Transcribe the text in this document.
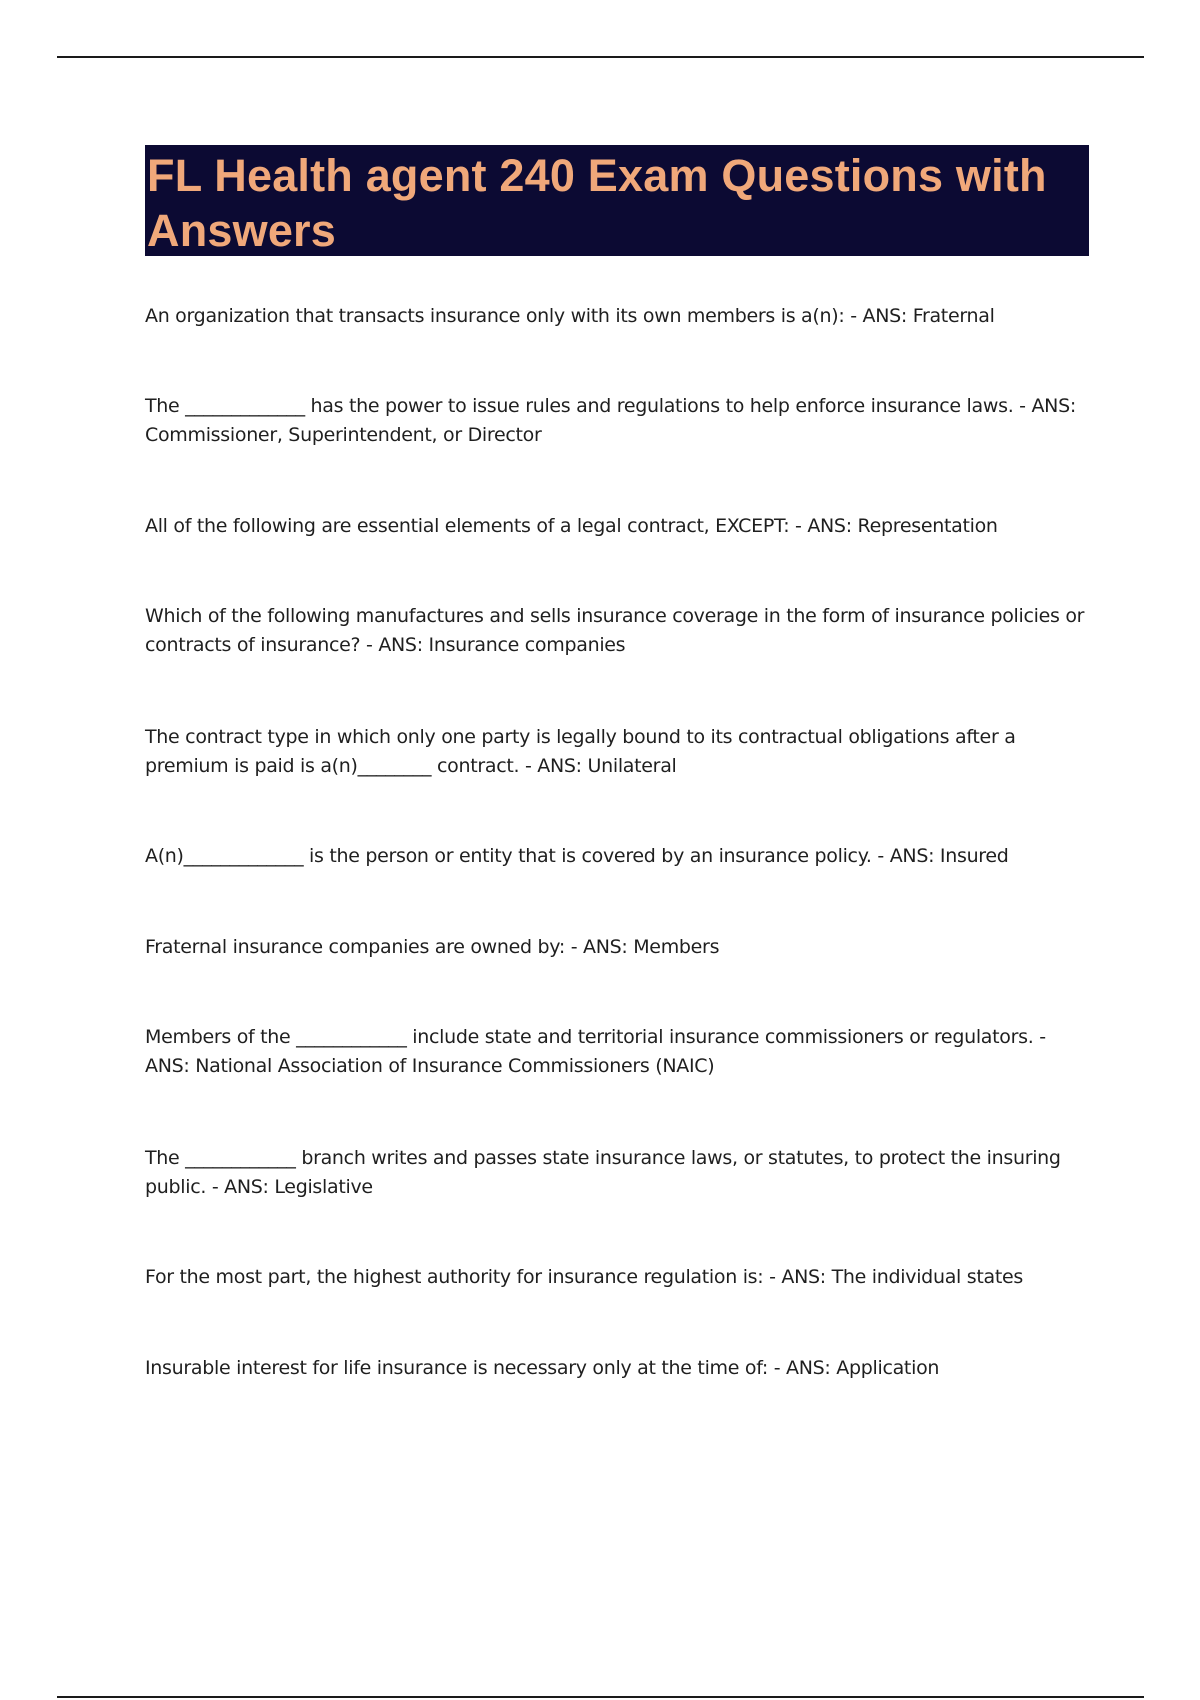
FL Health agent 240 Exam Questions with Answers
An organization that transacts insurance only with its own members is a(n): - ANS: Fraternal
The _____________ has the power to issue rules and regulations to help enforce insurance laws. - ANS: Commissioner, Superintendent, or Director
All of the following are essential elements of a legal contract, EXCEPT: - ANS: Representation
Which of the following manufactures and sells insurance coverage in the form of insurance policies or contracts of insurance? - ANS: Insurance companies
The contract type in which only one party is legally bound to its contractual obligations after a premium is paid is a(n)________ contract. - ANS: Unilateral
A(n)_____________ is the person or entity that is covered by an insurance policy. - ANS: Insured
Fraternal insurance companies are owned by: - ANS: Members
Members of the ____________ include state and territorial insurance commissioners or regulators. - ANS: National Association of Insurance Commissioners (NAIC)
The ____________ branch writes and passes state insurance laws, or statutes, to protect the insuring public. - ANS: Legislative
For the most part, the highest authority for insurance regulation is: - ANS: The individual states
Insurable interest for life insurance is necessary only at the time of: - ANS: Application
